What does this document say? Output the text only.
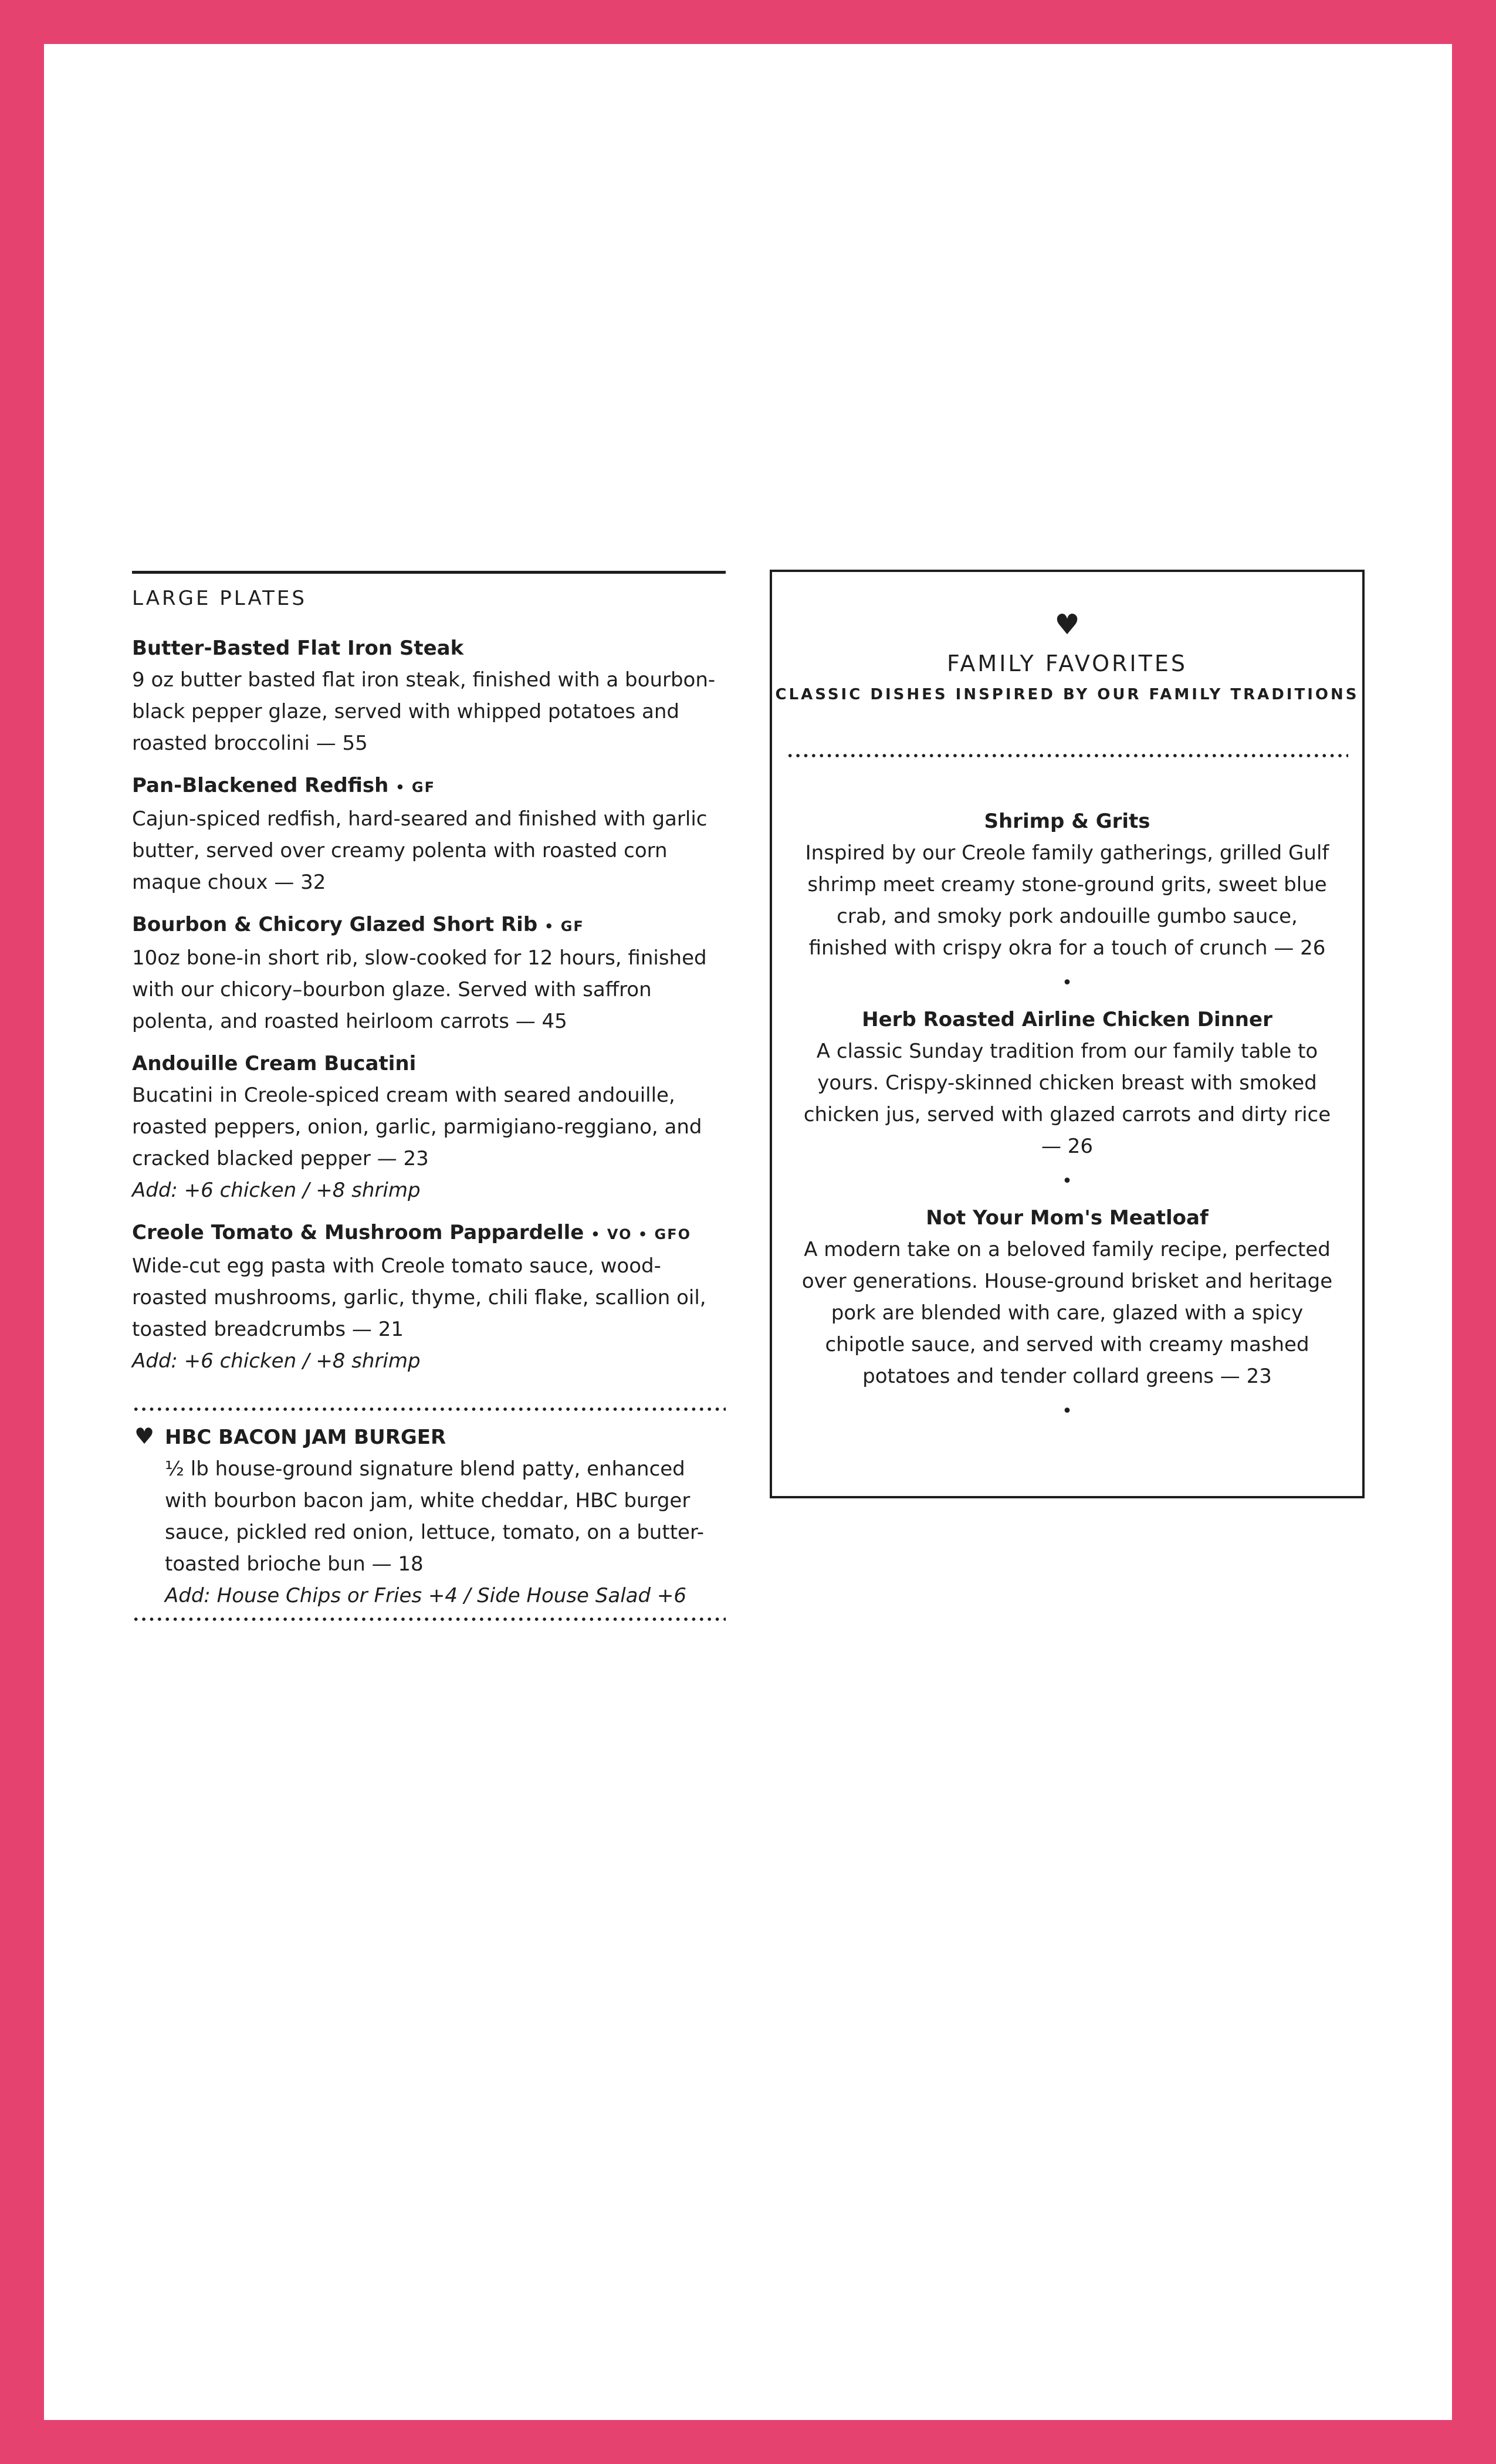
LARGE PLATES
Butter-Basted Flat Iron Steak
9 oz butter basted flat iron steak, finished with a bourbon-black pepper glaze, served with whipped potatoes and roasted broccolini — 55
Pan-Blackened Redfish • GF
Cajun-spiced redfish, hard-seared and finished with garlic butter, served over creamy polenta with roasted corn maque choux — 32
Bourbon & Chicory Glazed Short Rib • GF
10oz bone-in short rib, slow-cooked for 12 hours, finished with our chicory–bourbon glaze. Served with saffron polenta, and roasted heirloom carrots — 45
Andouille Cream Bucatini
Bucatini in Creole-spiced cream with seared andouille, roasted peppers, onion, garlic, parmigiano-reggiano, and cracked blacked pepper — 23
Add: +6 chicken / +8 shrimp
Creole Tomato & Mushroom Pappardelle • VO • GFO
Wide-cut egg pasta with Creole tomato sauce, wood-roasted mushrooms, garlic, thyme, chili flake, scallion oil, toasted breadcrumbs — 21
Add: +6 chicken / +8 shrimp
♥ HBC BACON JAM BURGER
½ lb house-ground signature blend patty, enhanced with bourbon bacon jam, white cheddar, HBC burger sauce, pickled red onion, lettuce, tomato, on a butter-toasted brioche bun — 18
Add: House Chips or Fries +4 / Side House Salad +6
♥
FAMILY FAVORITES
CLASSIC DISHES INSPIRED BY OUR FAMILY TRADITIONS
Shrimp & Grits
Inspired by our Creole family gatherings, grilled Gulf shrimp meet creamy stone-ground grits, sweet blue crab, and smoky pork andouille gumbo sauce, finished with crispy okra for a touch of crunch — 26
•
Herb Roasted Airline Chicken Dinner
A classic Sunday tradition from our family table to yours. Crispy-skinned chicken breast with smoked chicken jus, served with glazed carrots and dirty rice — 26
•
Not Your Mom's Meatloaf
A modern take on a beloved family recipe, perfected over generations. House-ground brisket and heritage pork are blended with care, glazed with a spicy chipotle sauce, and served with creamy mashed potatoes and tender collard greens — 23
•
